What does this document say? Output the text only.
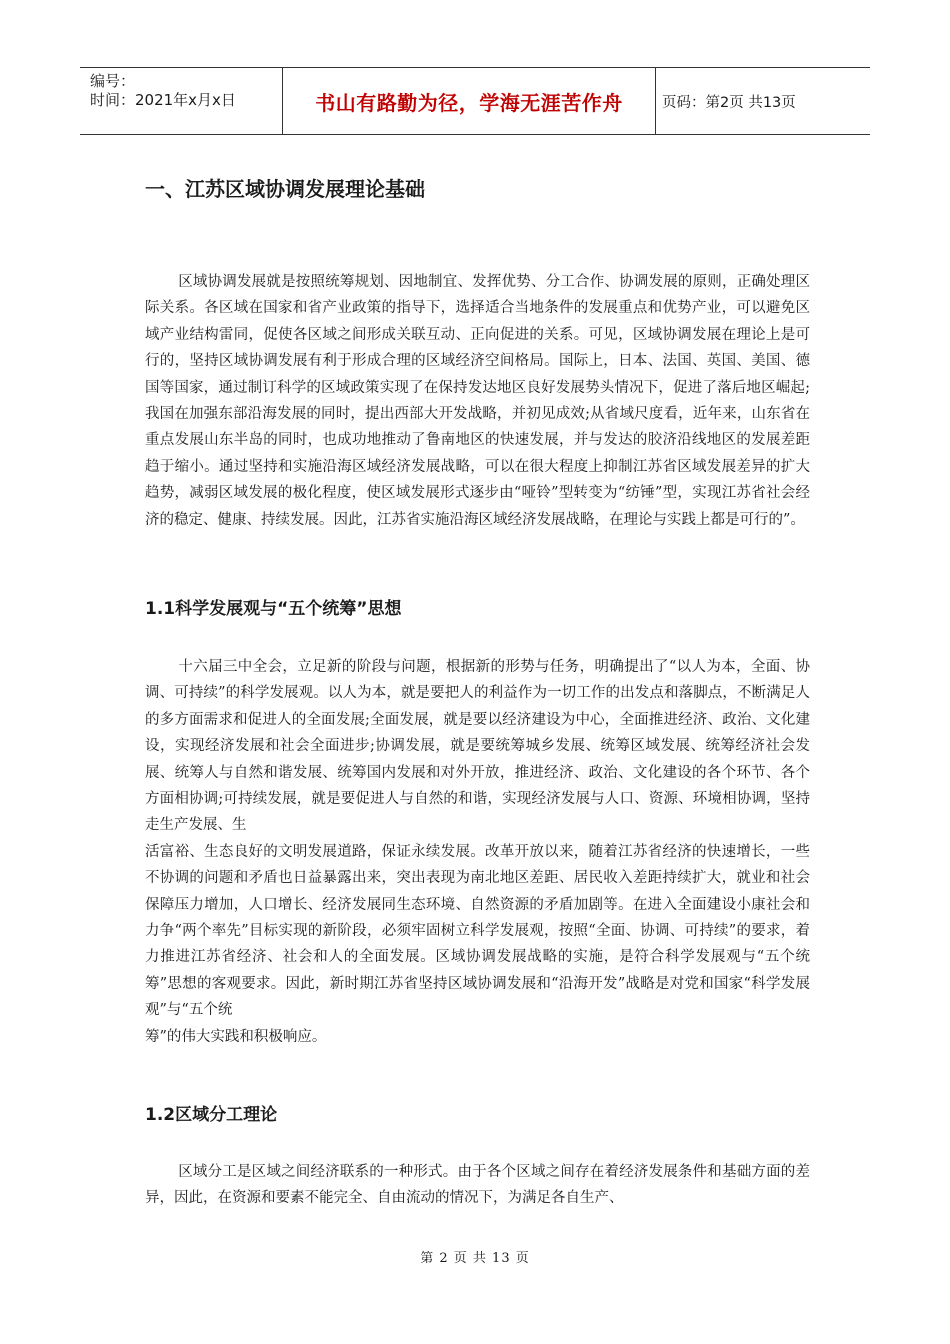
编号：
时间：2021年x月x日	书山有路勤为径，学海无涯苦作舟	页码：第2页 共13页
一、江苏区域协调发展理论基础

区域协调发展就是按照统筹规划、因地制宜、发挥优势、分工合作、协调发展的原则，正确处理区际关系。各区域在国家和省产业政策的指导下，选择适合当地条件的发展重点和优势产业，可以避免区域产业结构雷同，促使各区域之间形成关联互动、正向促进的关系。可见，区域协调发展在理论上是可行的，坚持区域协调发展有利于形成合理的区域经济空间格局。国际上，日本、法国、英国、美国、德国等国家，通过制订科学的区域政策实现了在保持发达地区良好发展势头情况下，促进了落后地区崛起;我国在加强东部沿海发展的同时，提出西部大开发战略，并初见成效;从省域尺度看，近年来，山东省在重点发展山东半岛的同时，也成功地推动了鲁南地区的快速发展，并与发达的胶济沿线地区的发展差距趋于缩小。通过坚持和实施沿海区域经济发展战略，可以在很大程度上抑制江苏省区域发展差异的扩大趋势，减弱区域发展的极化程度，使区域发展形式逐步由“哑铃”型转变为“纺锤”型，实现江苏省社会经济的稳定、健康、持续发展。因此，江苏省实施沿海区域经济发展战略，在理论与实践上都是可行的”。

1.1科学发展观与“五个统筹”思想

十六届三中全会，立足新的阶段与问题，根据新的形势与任务，明确提出了“以人为本，全面、协调、可持续”的科学发展观。以人为本，就是要把人的利益作为一切工作的出发点和落脚点，不断满足人的多方面需求和促进人的全面发展;全面发展，就是要以经济建设为中心，全面推进经济、政治、文化建设，实现经济发展和社会全面进步;协调发展，就是要统筹城乡发展、统筹区域发展、统筹经济社会发展、统筹人与自然和谐发展、统筹国内发展和对外开放，推进经济、政治、文化建设的各个环节、各个方面相协调;可持续发展，就是要促进人与自然的和谐，实现经济发展与人口、资源、环境相协调，坚持走生产发展、生
活富裕、生态良好的文明发展道路，保证永续发展。改革开放以来，随着江苏省经济的快速增长，一些不协调的问题和矛盾也日益暴露出来，突出表现为南北地区差距、居民收入差距持续扩大，就业和社会保障压力增加，人口增长、经济发展同生态环境、自然资源的矛盾加剧等。在进入全面建设小康社会和力争“两个率先”目标实现的新阶段，必须牢固树立科学发展观，按照“全面、协调、可持续”的要求，着力推进江苏省经济、社会和人的全面发展。区域协调发展战略的实施，是符合科学发展观与“五个统筹”思想的客观要求。因此，新时期江苏省坚持区域协调发展和“沿海开发”战略是对党和国家“科学发展观”与“五个统
筹”的伟大实践和积极响应。

1.2区域分工理论

区域分工是区域之间经济联系的一种形式。由于各个区域之间存在着经济发展条件和基础方面的差异，因此，在资源和要素不能完全、自由流动的情况下，为满足各自生产、

第 2 页 共 13 页
